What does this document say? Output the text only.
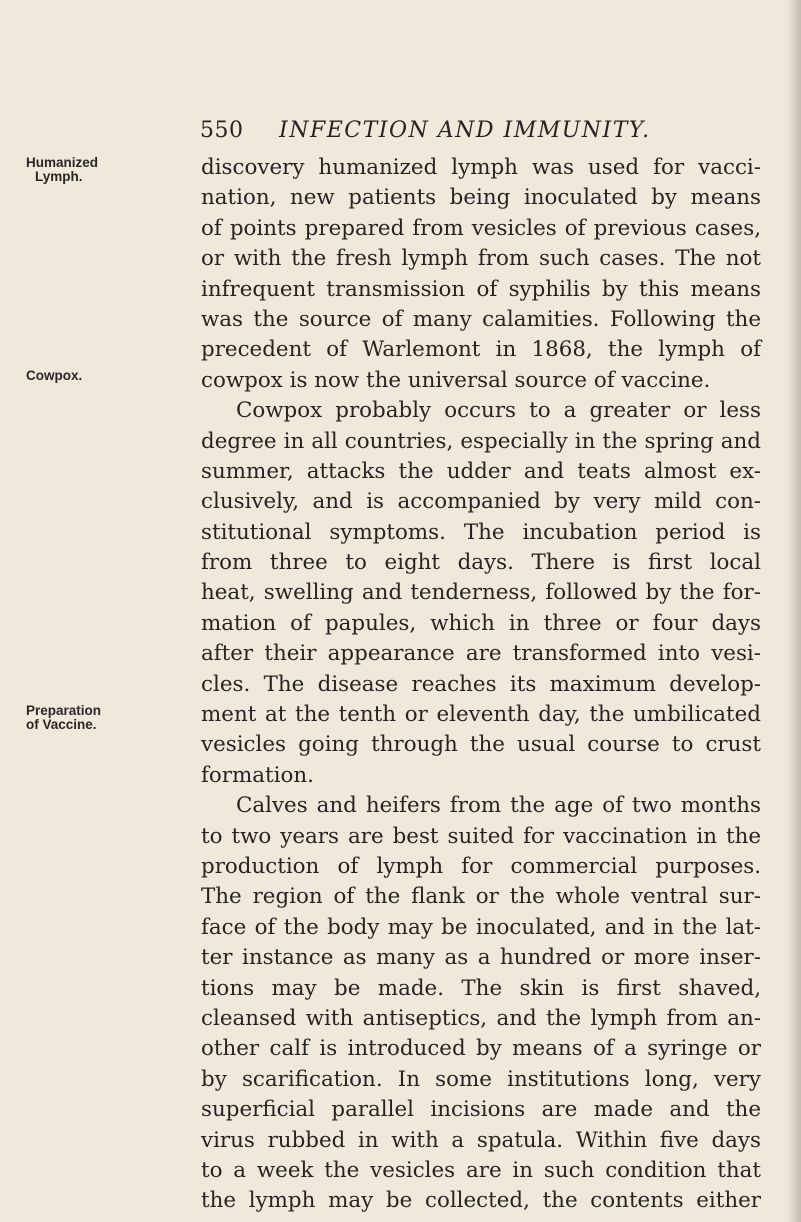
550 INFECTION AND IMMUNITY.
Humanized
Lymph.
Cowpox.
Preparation
of Vaccine.
discovery humanized lymph was used for vacci-
nation, new patients being inoculated by means
of points prepared from vesicles of previous cases,
or with the fresh lymph from such cases. The not
infrequent transmission of syphilis by this means
was the source of many calamities. Following the
precedent of Warlemont in 1868, the lymph of
cowpox is now the universal source of vaccine.
Cowpox probably occurs to a greater or less
degree in all countries, especially in the spring and
summer, attacks the udder and teats almost ex-
clusively, and is accompanied by very mild con-
stitutional symptoms. The incubation period is
from three to eight days. There is first local
heat, swelling and tenderness, followed by the for-
mation of papules, which in three or four days
after their appearance are transformed into vesi-
cles. The disease reaches its maximum develop-
ment at the tenth or eleventh day, the umbilicated
vesicles going through the usual course to crust
formation.
Calves and heifers from the age of two months
to two years are best suited for vaccination in the
production of lymph for commercial purposes.
The region of the flank or the whole ventral sur-
face of the body may be inoculated, and in the lat-
ter instance as many as a hundred or more inser-
tions may be made. The skin is first shaved,
cleansed with antiseptics, and the lymph from an-
other calf is introduced by means of a syringe or
by scarification. In some institutions long, very
superficial parallel incisions are made and the
virus rubbed in with a spatula. Within five days
to a week the vesicles are in such condition that
the lymph may be collected, the contents either
